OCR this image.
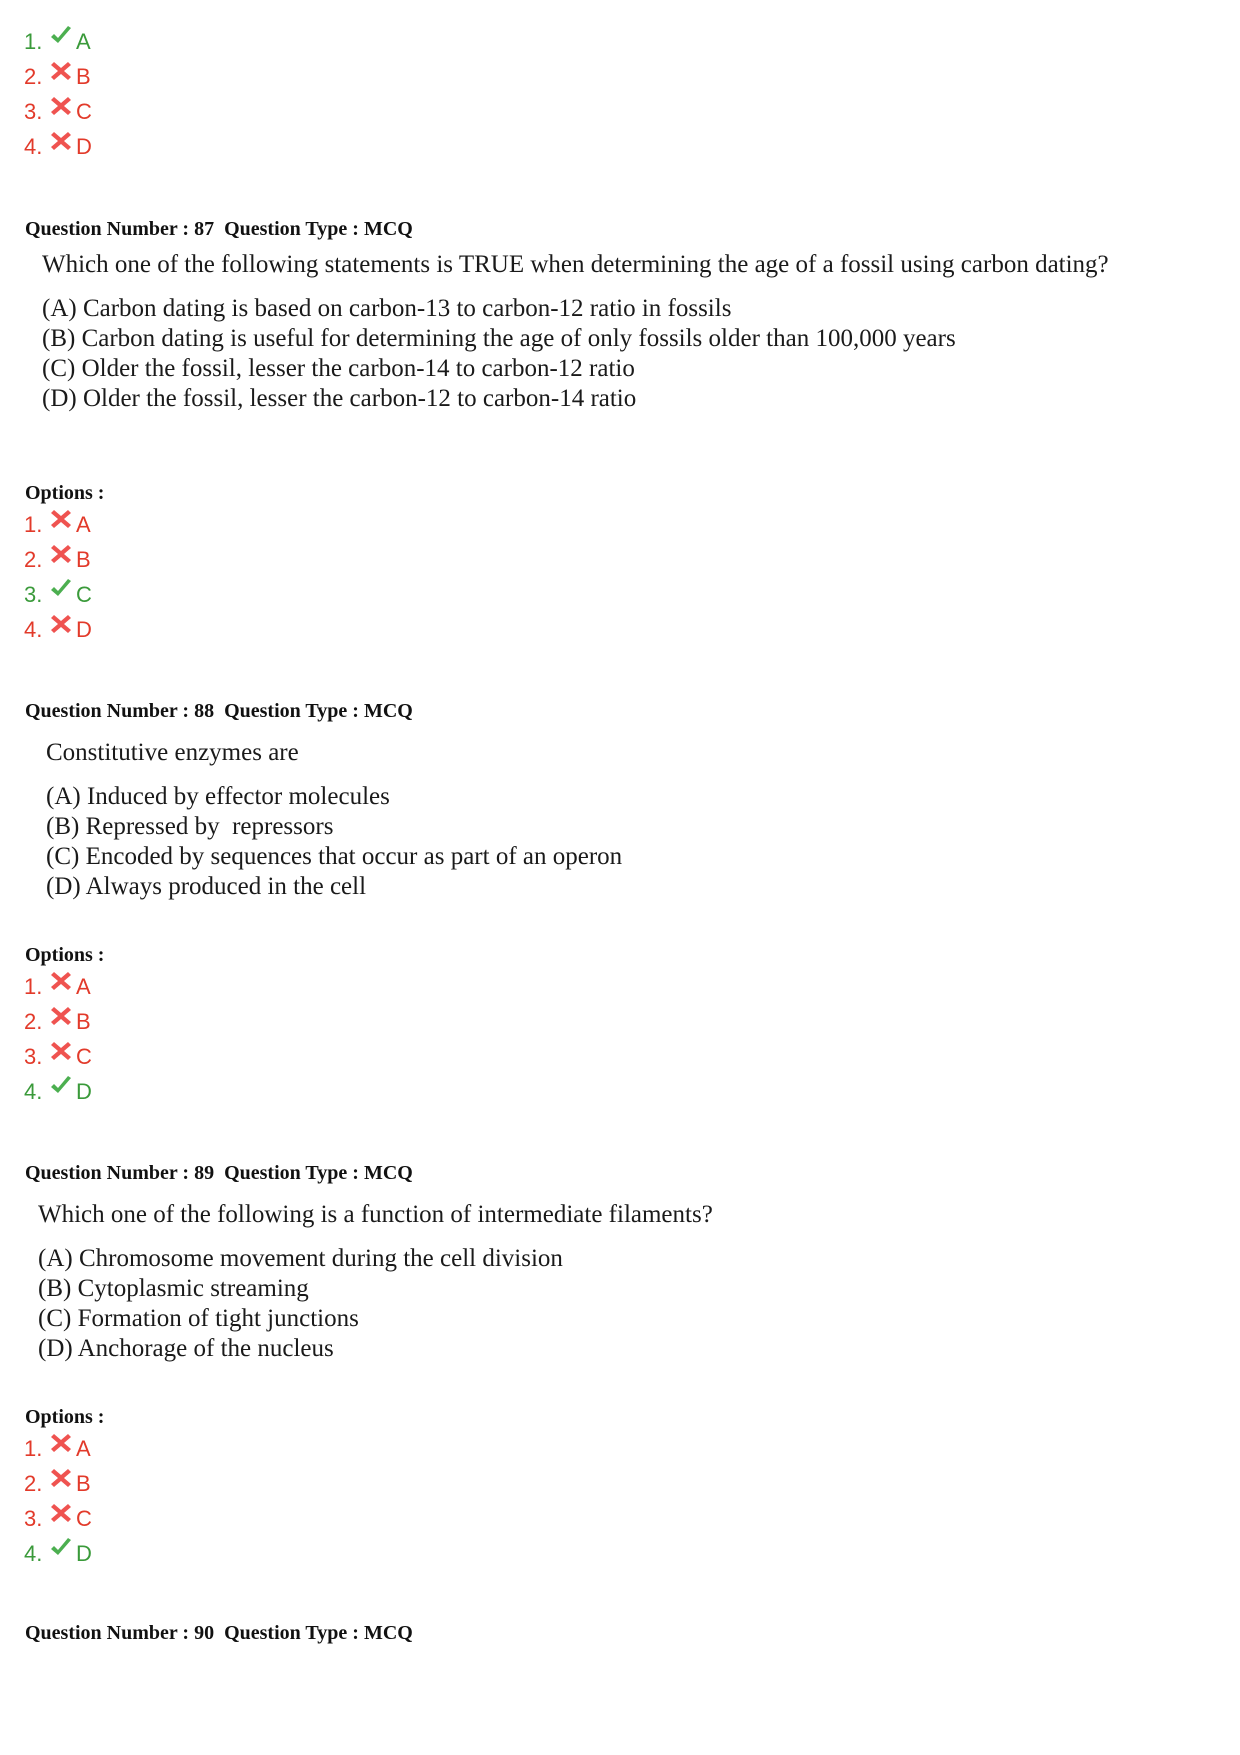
1.	A
2.	B
3.	C
4.	D
Question Number : 87 Question Type : MCQ

Which one of the following statements is TRUE when determining the age of a fossil using carbon dating?

(A) Carbon dating is based on carbon-13 to carbon-12 ratio in fossils

(B) Carbon dating is useful for determining the age of only fossils older than 100,000 years

(C) Older the fossil, lesser the carbon-14 to carbon-12 ratio

(D) Older the fossil, lesser the carbon-12 to carbon-14 ratio

Options :
1.	A
2.	B
3.	C
4.	D
Question Number : 88 Question Type : MCQ

Constitutive enzymes are

(A) Induced by effector molecules

(B) Repressed by  repressors

(C) Encoded by sequences that occur as part of an operon

(D) Always produced in the cell

Options :
1.	A
2.	B
3.	C
4.	D
Question Number : 89 Question Type : MCQ

Which one of the following is a function of intermediate filaments?

(A) Chromosome movement during the cell division

(B) Cytoplasmic streaming

(C) Formation of tight junctions

(D) Anchorage of the nucleus

Options :
1.	A
2.	B
3.	C
4.	D
Question Number : 90 Question Type : MCQ
